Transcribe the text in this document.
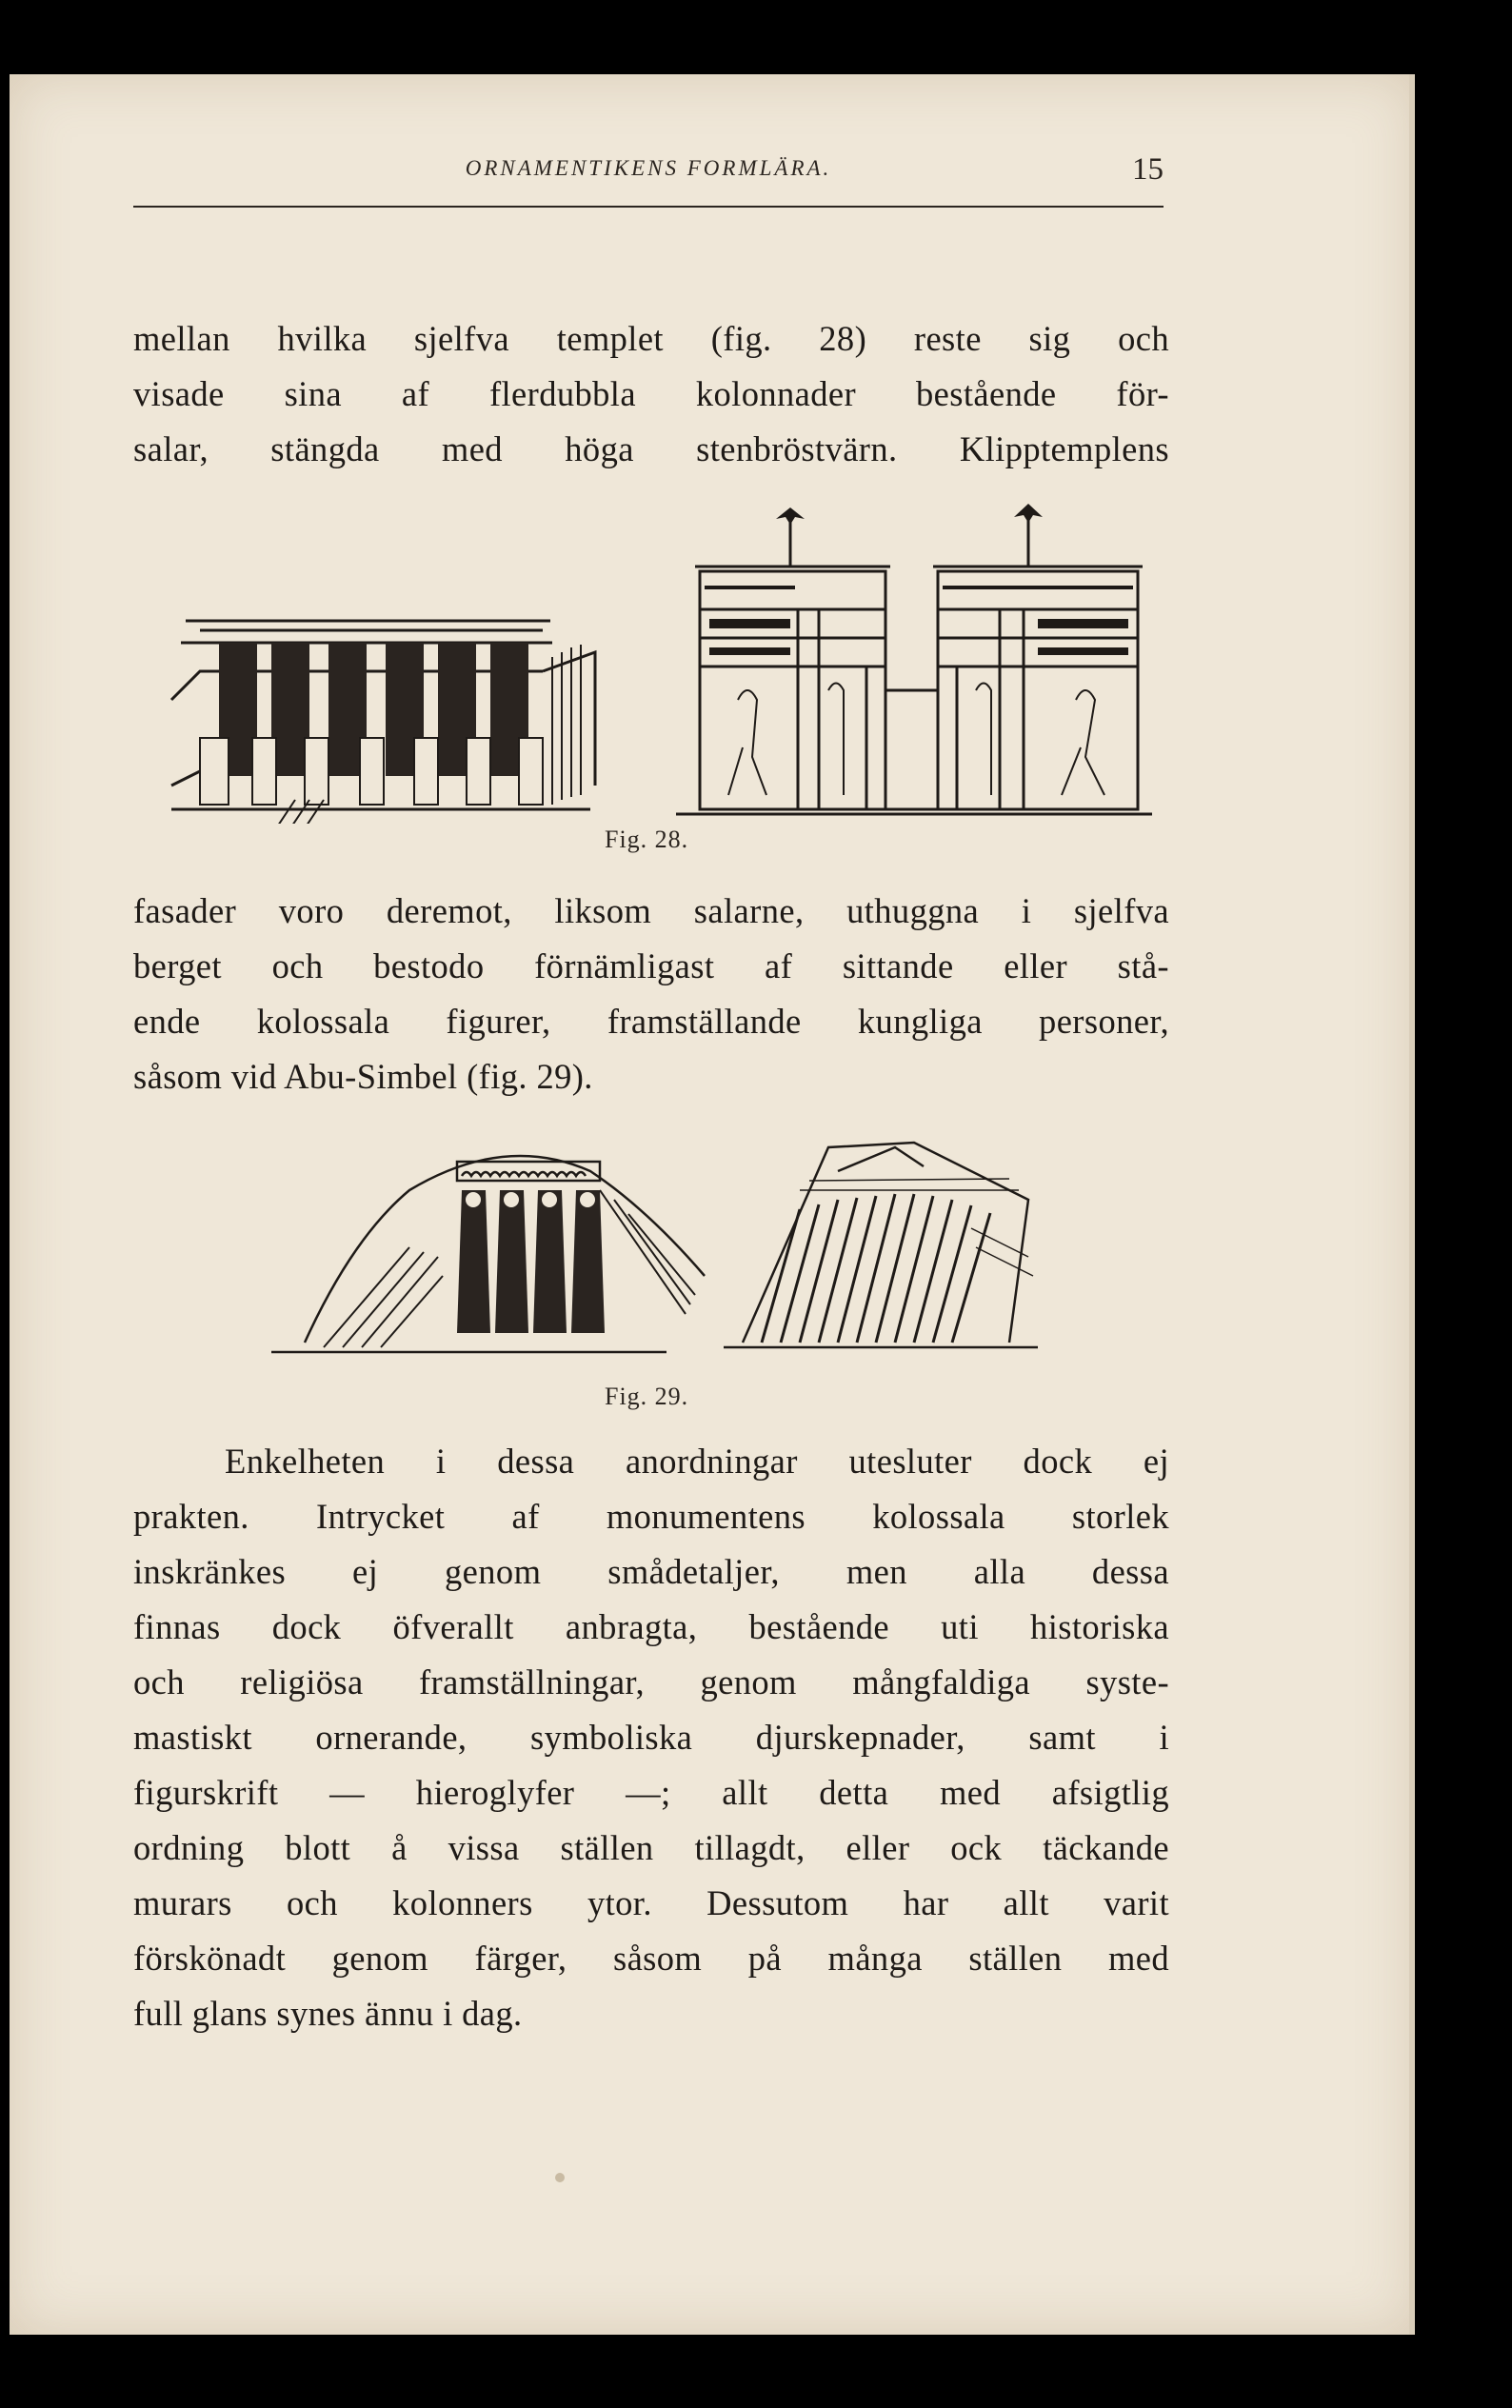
ORNAMENTIKENS FORMLÄRA.	15
mellan hvilka sjelfva templet (fig. 28) reste sig och
visade sina af flerdubbla kolonnader bestående för-
salar, stängda med höga stenbröstvärn. Klipptemplens
Fig. 28.
fasader voro deremot, liksom salarne, uthuggna i sjelfva
berget och bestodo förnämligast af sittande eller stå-
ende kolossala figurer, framställande kungliga personer,
såsom vid Abu-Simbel (fig. 29).
Fig. 29.
Enkelheten i dessa anordningar utesluter dock ej
prakten. Intrycket af monumentens kolossala storlek
inskränkes ej genom smådetaljer, men alla dessa
finnas dock öfverallt anbragta, bestående uti historiska
och religiösa framställningar, genom mångfaldiga syste-
mastiskt ornerande, symboliska djurskepnader, samt i
figurskrift — hieroglyfer —; allt detta med afsigtlig
ordning blott å vissa ställen tillagdt, eller ock täckande
murars och kolonners ytor. Dessutom har allt varit
förskönadt genom färger, såsom på många ställen med
full glans synes ännu i dag.
